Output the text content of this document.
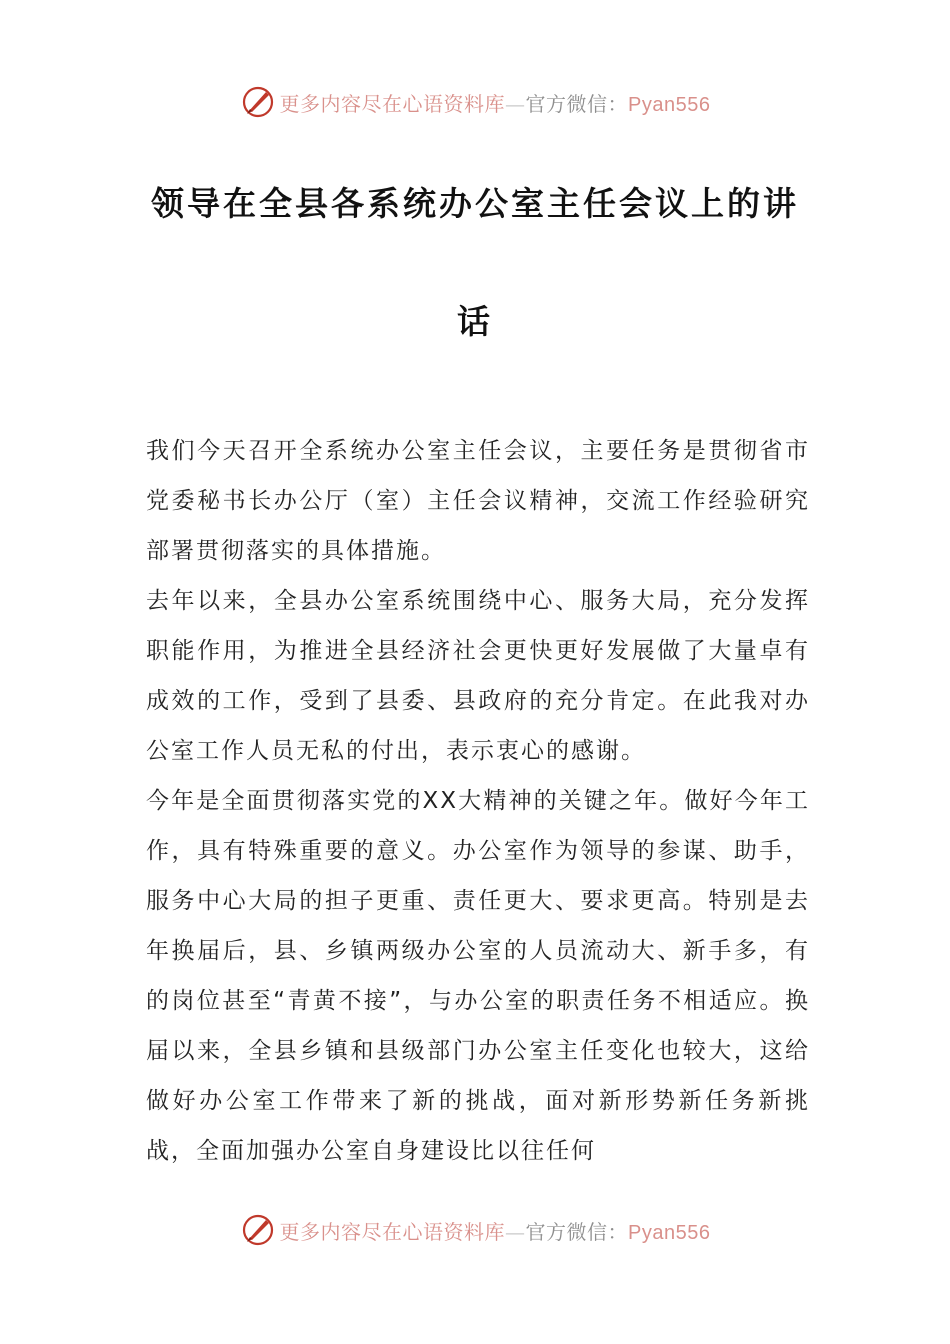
更多内容尽在心语资料库—官方微信：Pyan556
领导在全县各系统办公室主任会议上的讲
话

我们今天召开全系统办公室主任会议，主要任务是贯彻省市党委秘书长办公厅（室）主任会议精神，交流工作经验研究部署贯彻落实的具体措施。

去年以来，全县办公室系统围绕中心、服务大局，充分发挥职能作用，为推进全县经济社会更快更好发展做了大量卓有成效的工作，受到了县委、县政府的充分肯定。在此我对办公室工作人员无私的付出，表示衷心的感谢。

今年是全面贯彻落实党的XX大精神的关键之年。做好今年工作，具有特殊重要的意义。办公室作为领导的参谋、助手，服务中心大局的担子更重、责任更大、要求更高。特别是去年换届后，县、乡镇两级办公室的人员流动大、新手多，有的岗位甚至“青黄不接”，与办公室的职责任务不相适应。换届以来，全县乡镇和县级部门办公室主任变化也较大，这给做好办公室工作带来了新的挑战，面对新形势新任务新挑战，全面加强办公室自身建设比以往任何

更多内容尽在心语资料库—官方微信：Pyan556
